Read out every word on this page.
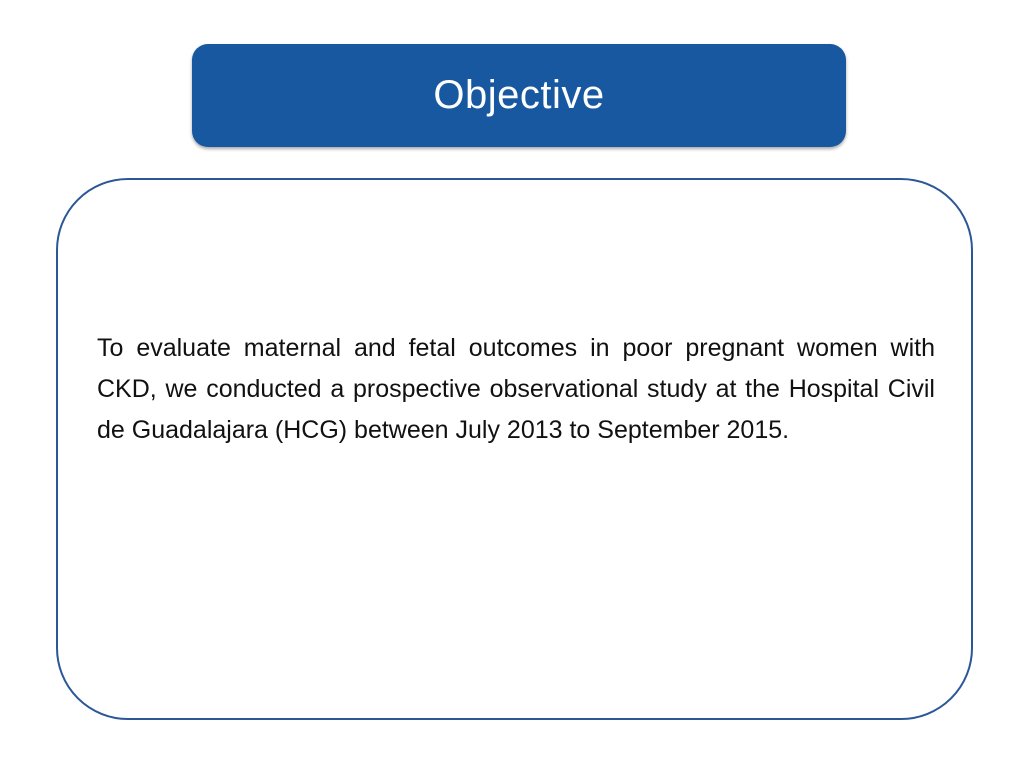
Objective

To evaluate maternal and fetal outcomes in poor pregnant women with CKD, we conducted a prospective observational study at the Hospital Civil de Guadalajara (HCG) between July 2013 to September 2015.
